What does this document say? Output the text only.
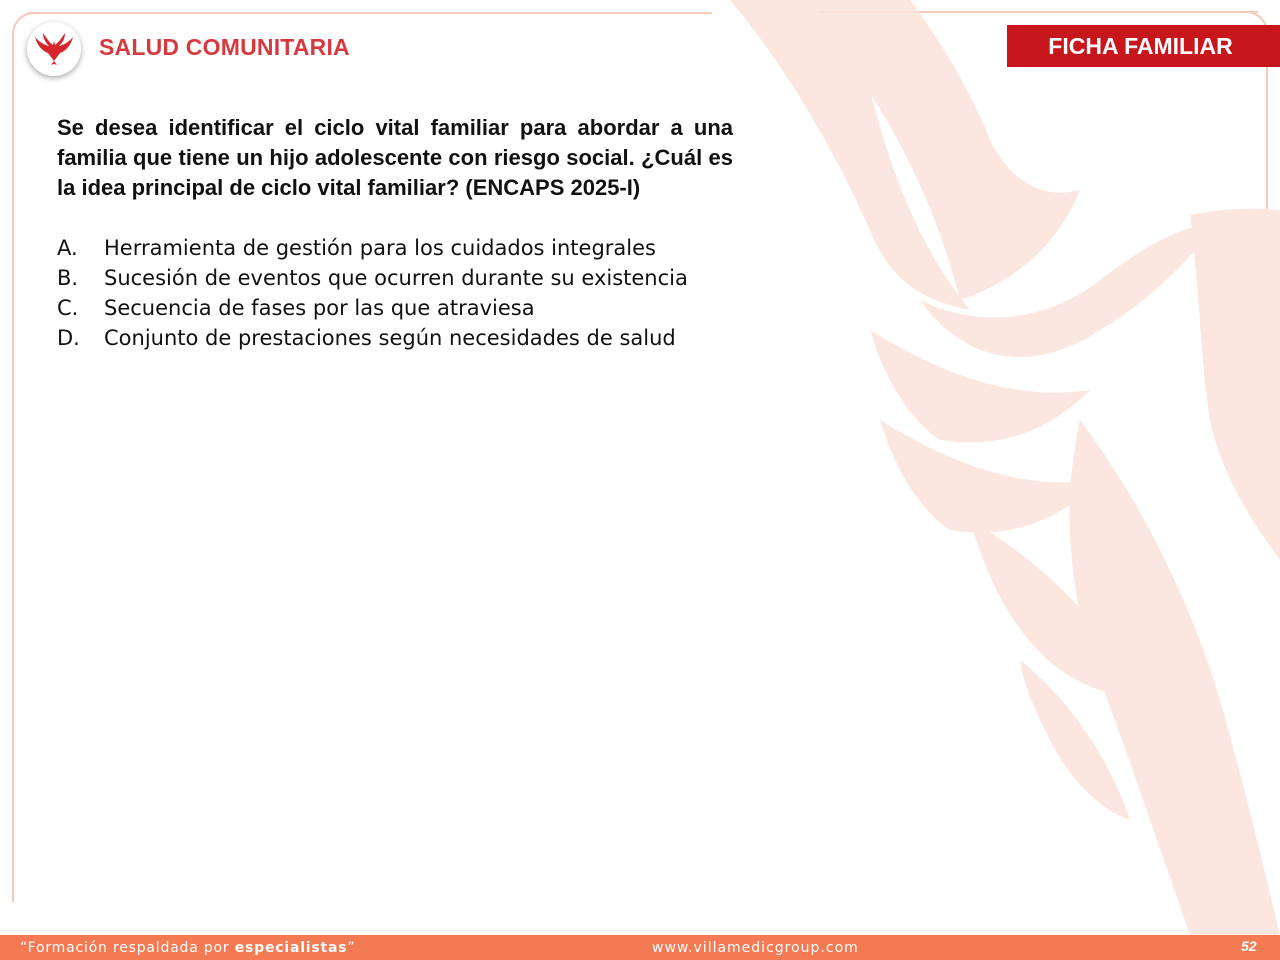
SALUD COMUNITARIA	FICHA FAMILIAR
Se desea identificar el ciclo vital familiar para abordar a una familia que tiene un hijo adolescente con riesgo social. ¿Cuál es la idea principal de ciclo vital familiar? (ENCAPS 2025-I)
A.	Herramienta de gestión para los cuidados integrales
B.	Sucesión de eventos que ocurren durante su existencia
C.	Secuencia de fases por las que atraviesa
D.	Conjunto de prestaciones según necesidades de salud
“Formación respaldada por especialistas”	www.villamedicgroup.com	52
